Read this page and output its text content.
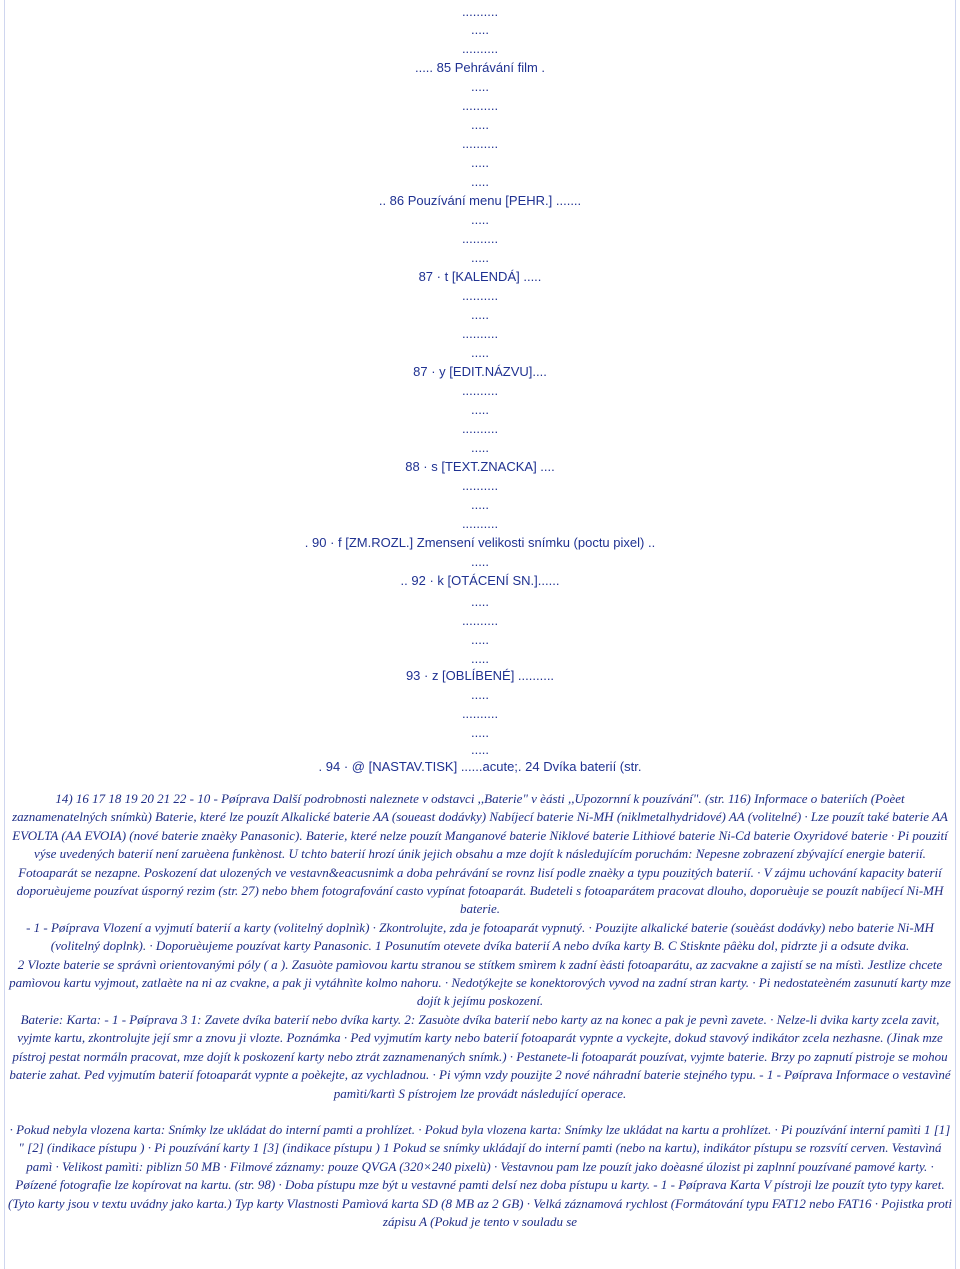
..........
.....
..........
..... 85 Pehrávání film .
.....
..........
.....
..........
.....
.....
.. 86 Pouzívání menu [PEHR.] .......
.....
..........
.....
87 · t [KALENDÁ] .....
..........
.....
..........
.....
87 · y [EDIT.NÁZVU]....
..........
.....
..........
.....
88 · s [TEXT.ZNACKA] ....
..........
.....
..........
. 90 · f [ZM.ROZL.] Zmensení velikosti snímku (poctu pixel) ..
.....
.. 92 · k [OTÁCENÍ SN.]......
.....
..........
.....
.....
93 · z [OBLÍBENÉ] ..........
.....
..........
.....
.....
. 94 · @ [NASTAV.TISK] ......acute;. 24 Dvíka baterií (str.

14) 16 17 18 19 20 21 22 - 10 - Pøíprava Další podrobnosti naleznete v odstavci ,,Baterie" v èásti ,,Upozornní k pouzívání". (str. 116) Informace o bateriích (Poèet zaznamenatelných snímkù) Baterie, které lze pouzít Alkalické baterie AA (soueast dodávky) Nabíjecí baterie Ni-MH (niklmetalhydridové) AA (volitelné) · Lze pouzít také baterie AA EVOLTA (AA EVOIA) (nové baterie znaèky Panasonic). Baterie, které nelze pouzít Manganové baterie Niklové baterie Lithiové baterie Ni-Cd baterie Oxyridové baterie · Pi pouzití výse uvedených baterií není zaruèena funkènost. U tchto baterií hrozí únik jejich obsahu a mze dojít k následujícím poruchám: Nepesne zobrazení zbývající energie baterií. Fotoaparát se nezapne. Poskození dat ulozených ve vestavn&eacusnimk a doba pehrávání se rovnz lisí podle znaèky a typu pouzitých baterií. · V zájmu uchování kapacity baterií doporuèujeme pouzívat úsporný rezim (str. 27) nebo bhem fotografování casto vypínat fotoaparát. Budeteli s fotoaparátem pracovat dlouho, doporuèuje se pouzít nabíjecí Ni-MH baterie.

- 1 - Pøíprava Vlození a vyjmutí baterií a karty (volitelný doplnìk) · Zkontrolujte, zda je fotoaparát vypnutý. · Pouzijte alkalické baterie (souèást dodávky) nebo baterie Ni-MH (volitelný doplnk). · Doporuèujeme pouzívat karty Panasonic. 1 Posunutím otevete dvíka baterií A nebo dvíka karty B. C Stisknte pâèku dol, pidrzte ji a odsute dvika.

2 Vlozte baterie se správnì orientovanými póly ( a ). Zasuòte pamìovou kartu stranou se stítkem smìrem k zadní èásti fotoaparátu, az zacvakne a zajistí se na místì. Jestlize chcete pamìovou kartu vyjmout, zatlaète na ni az cvakne, a pak ji vytáhnìte kolmo nahoru. · Nedotýkejte se konektorových vyvod na zadní stran karty. · Pi nedostateèném zasunutí karty mze dojít k jejímu poskození.

Baterie: Karta: - 1 - Pøíprava 3 1: Zavete dvíka baterií nebo dvíka karty. 2: Zasuòte dvíka baterií nebo karty az na konec a pak je pevnì zavete. · Nelze-li dvika karty zcela zavit, vyjmte kartu, zkontrolujte její smr a znovu ji vlozte. Poznámka · Ped vyjmutím karty nebo baterií fotoaparát vypnte a vyckejte, dokud stavový indikátor zcela nezhasne. (Jinak mze pístroj pestat normáln pracovat, mze dojít k poskození karty nebo ztrát zaznamenaných snímk.) · Pestanete-li fotoaparát pouzívat, vyjmte baterie. Brzy po zapnutí pistroje se mohou baterie zahat. Ped vyjmutím baterií fotoaparát vypnte a poèkejte, az vychladnou. · Pi výmn vzdy pouzijte 2 nové náhradní baterie stejného typu. - 1 - Pøíprava Informace o vestavìné pamìti/kartì S pístrojem lze provádt následující operace.

· Pokud nebyla vlozena karta: Snímky lze ukládat do interní pamti a prohlízet. · Pokud byla vlozena karta: Snímky lze ukládat na kartu a prohlízet. · Pi pouzívání interní pamìti 1 [1] " [2] (indikace pístupu ) · Pi pouzívání karty 1 [3] (indikace pístupu ) 1 Pokud se snímky ukládají do interní pamti (nebo na kartu), indikátor pístupu se rozsvítí cerven. Vestavìná pamì · Velikost pamìti: piblizn 50 MB · Filmové záznamy: pouze QVGA (320×240 pixelù) · Vestavnou pam lze pouzít jako doèasné úlozist pi zaplnní pouzívané pamové karty. · Pøízené fotografie lze kopírovat na kartu. (str. 98) · Doba pístupu mze být u vestavné pamti delsí nez doba pístupu u karty. - 1 - Pøíprava Karta V pístroji lze pouzít tyto typy karet. (Tyto karty jsou v textu uvádny jako karta.) Typ karty Vlastnosti Pamìová karta SD (8 MB az 2 GB) · Velká záznamová rychlost (Formátování typu FAT12 nebo FAT16 · Pojistka proti zápisu A (Pokud je tento v souladu se
